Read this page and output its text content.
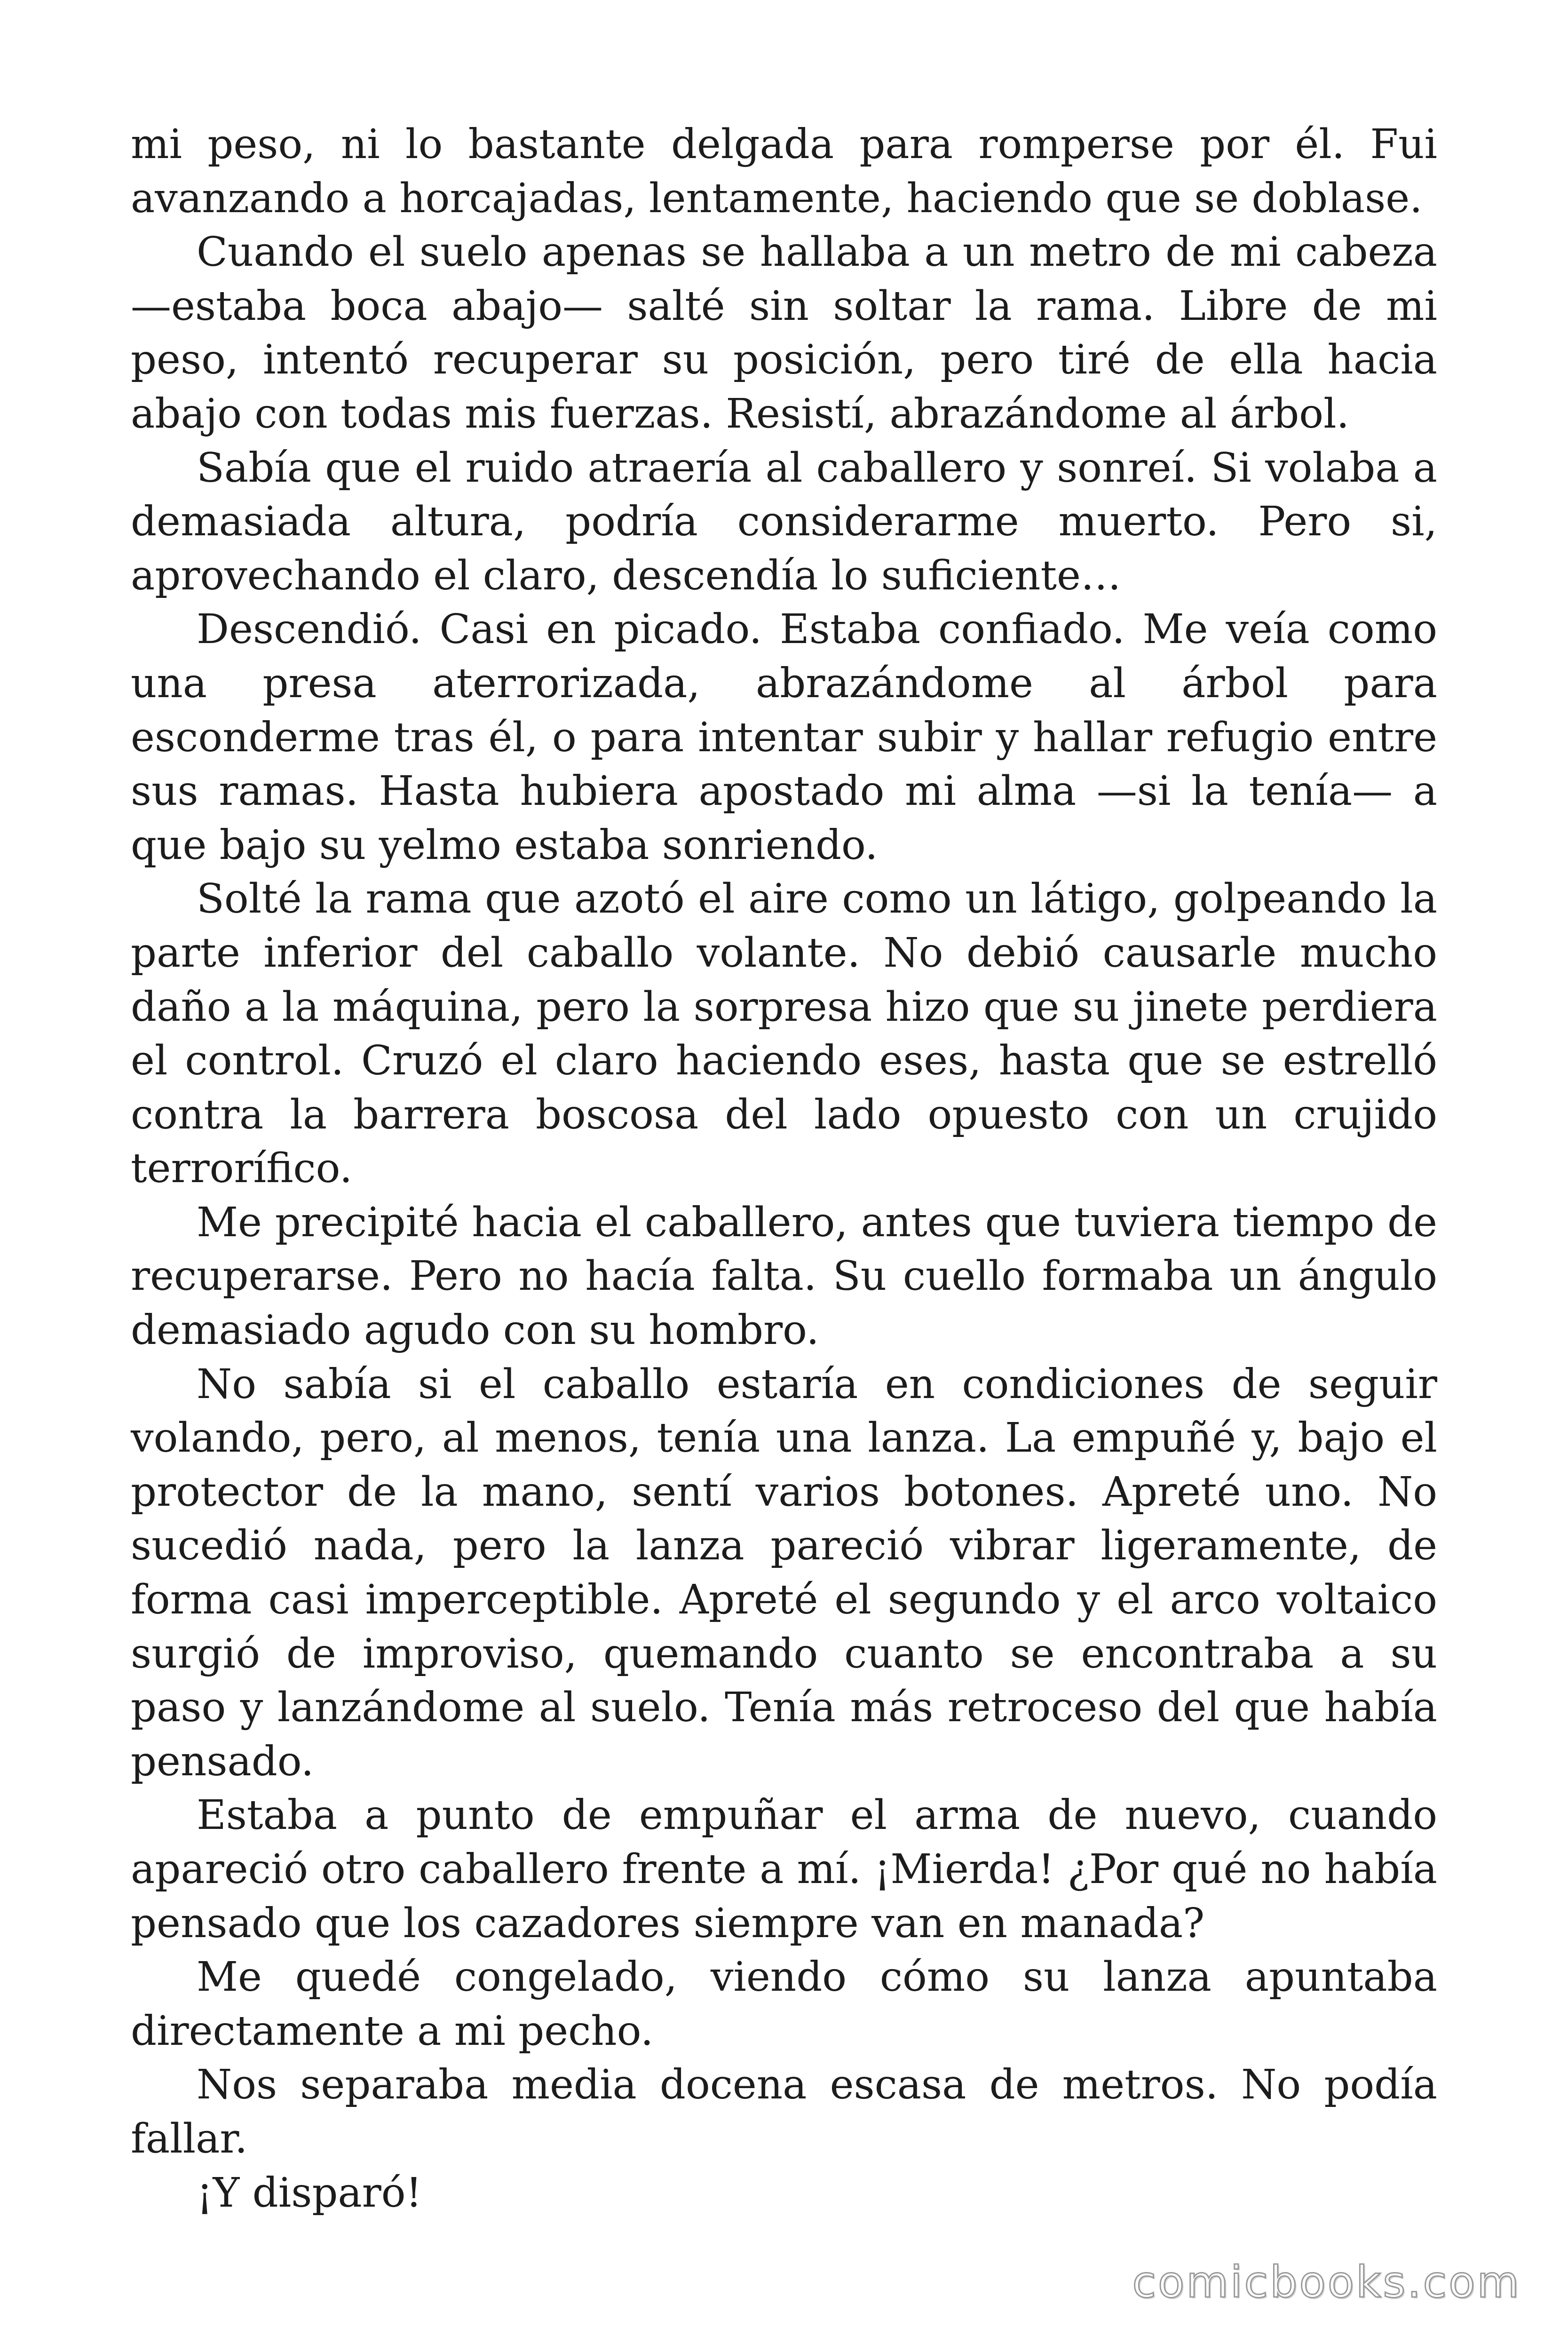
mi peso, ni lo bastante delgada para romperse por él. Fui avanzando a horcajadas, lentamente, haciendo que se doblase.

Cuando el suelo apenas se hallaba a un metro de mi cabeza —estaba boca abajo— salté sin soltar la rama. Libre de mi peso, intentó recuperar su posición, pero tiré de ella hacia abajo con todas mis fuerzas. Resistí, abrazándome al árbol.

Sabía que el ruido atraería al caballero y sonreí. Si volaba a demasiada altura, podría considerarme muerto. Pero si, aprovechando el claro, descendía lo suficiente…

Descendió. Casi en picado. Estaba confiado. Me veía como una presa aterrorizada, abrazándome al árbol para esconderme tras él, o para intentar subir y hallar refugio entre sus ramas. Hasta hubiera apostado mi alma —si la tenía— a que bajo su yelmo estaba sonriendo.

Solté la rama que azotó el aire como un látigo, golpeando la parte inferior del caballo volante. No debió causarle mucho daño a la máquina, pero la sorpresa hizo que su jinete perdiera el control. Cruzó el claro haciendo eses, hasta que se estrelló contra la barrera boscosa del lado opuesto con un crujido terrorífico.

Me precipité hacia el caballero, antes que tuviera tiempo de recuperarse. Pero no hacía falta. Su cuello formaba un ángulo demasiado agudo con su hombro.

No sabía si el caballo estaría en condiciones de seguir volando, pero, al menos, tenía una lanza. La empuñé y, bajo el protector de la mano, sentí varios botones. Apreté uno. No sucedió nada, pero la lanza pareció vibrar ligeramente, de forma casi imperceptible. Apreté el segundo y el arco voltaico surgió de improviso, quemando cuanto se encontraba a su paso y lanzándome al suelo. Tenía más retroceso del que había pensado.

Estaba a punto de empuñar el arma de nuevo, cuando apareció otro caballero frente a mí. ¡Mierda! ¿Por qué no había pensado que los cazadores siempre van en manada?

Me quedé congelado, viendo cómo su lanza apuntaba directamente a mi pecho.

Nos separaba media docena escasa de metros. No podía fallar.

¡Y disparó!

comicbooks.com
